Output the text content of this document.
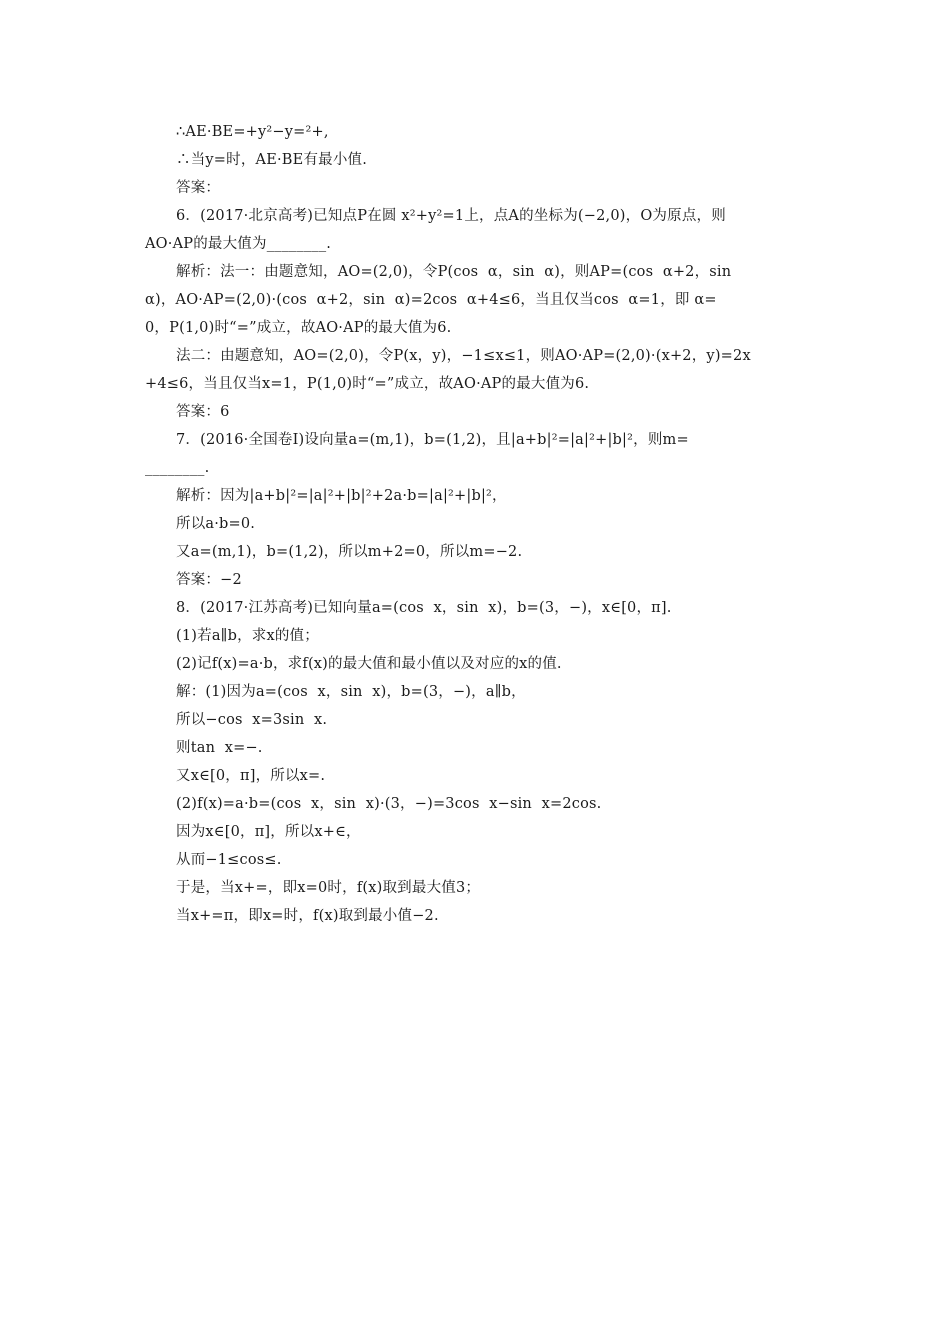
∴AE·BE=+y²−y=²+,
∴当y=时，AE·BE有最小值.
答案：
6．(2017·北京高考)已知点P在圆 x²+y²=1上，点A的坐标为(−2,0)，O为原点，则
AO·AP的最大值为________.
解析：法一：由题意知，AO=(2,0)，令P(cos  α，sin  α)，则AP=(cos  α+2，sin
α)，AO·AP=(2,0)·(cos  α+2，sin  α)=2cos  α+4≤6，当且仅当cos  α=1，即 α=
0，P(1,0)时“=”成立，故AO·AP的最大值为6.
法二：由题意知，AO=(2,0)，令P(x，y)，−1≤x≤1，则AO·AP=(2,0)·(x+2，y)=2x
+4≤6，当且仅当x=1，P(1,0)时“=”成立，故AO·AP的最大值为6.
答案：6
7．(2016·全国卷Ⅰ)设向量a=(m,1)，b=(1,2)，且|a+b|²=|a|²+|b|²，则m=
________.
解析：因为|a+b|²=|a|²+|b|²+2a·b=|a|²+|b|²，
所以a·b=0.
又a=(m,1)，b=(1,2)，所以m+2=0，所以m=−2.
答案：−2
8．(2017·江苏高考)已知向量a=(cos  x，sin  x)，b=(3，−)，x∈[0，π].
(1)若a∥b，求x的值；
(2)记f(x)=a·b，求f(x)的最大值和最小值以及对应的x的值.
解：(1)因为a=(cos  x，sin  x)，b=(3，−)，a∥b，
所以−cos  x=3sin  x.
则tan  x=−.
又x∈[0，π]，所以x=.
(2)f(x)=a·b=(cos  x，sin  x)·(3，−)=3cos  x−sin  x=2cos.
因为x∈[0，π]，所以x+∈，
从而−1≤cos≤.
于是，当x+=，即x=0时，f(x)取到最大值3；
当x+=π，即x=时，f(x)取到最小值−2.
